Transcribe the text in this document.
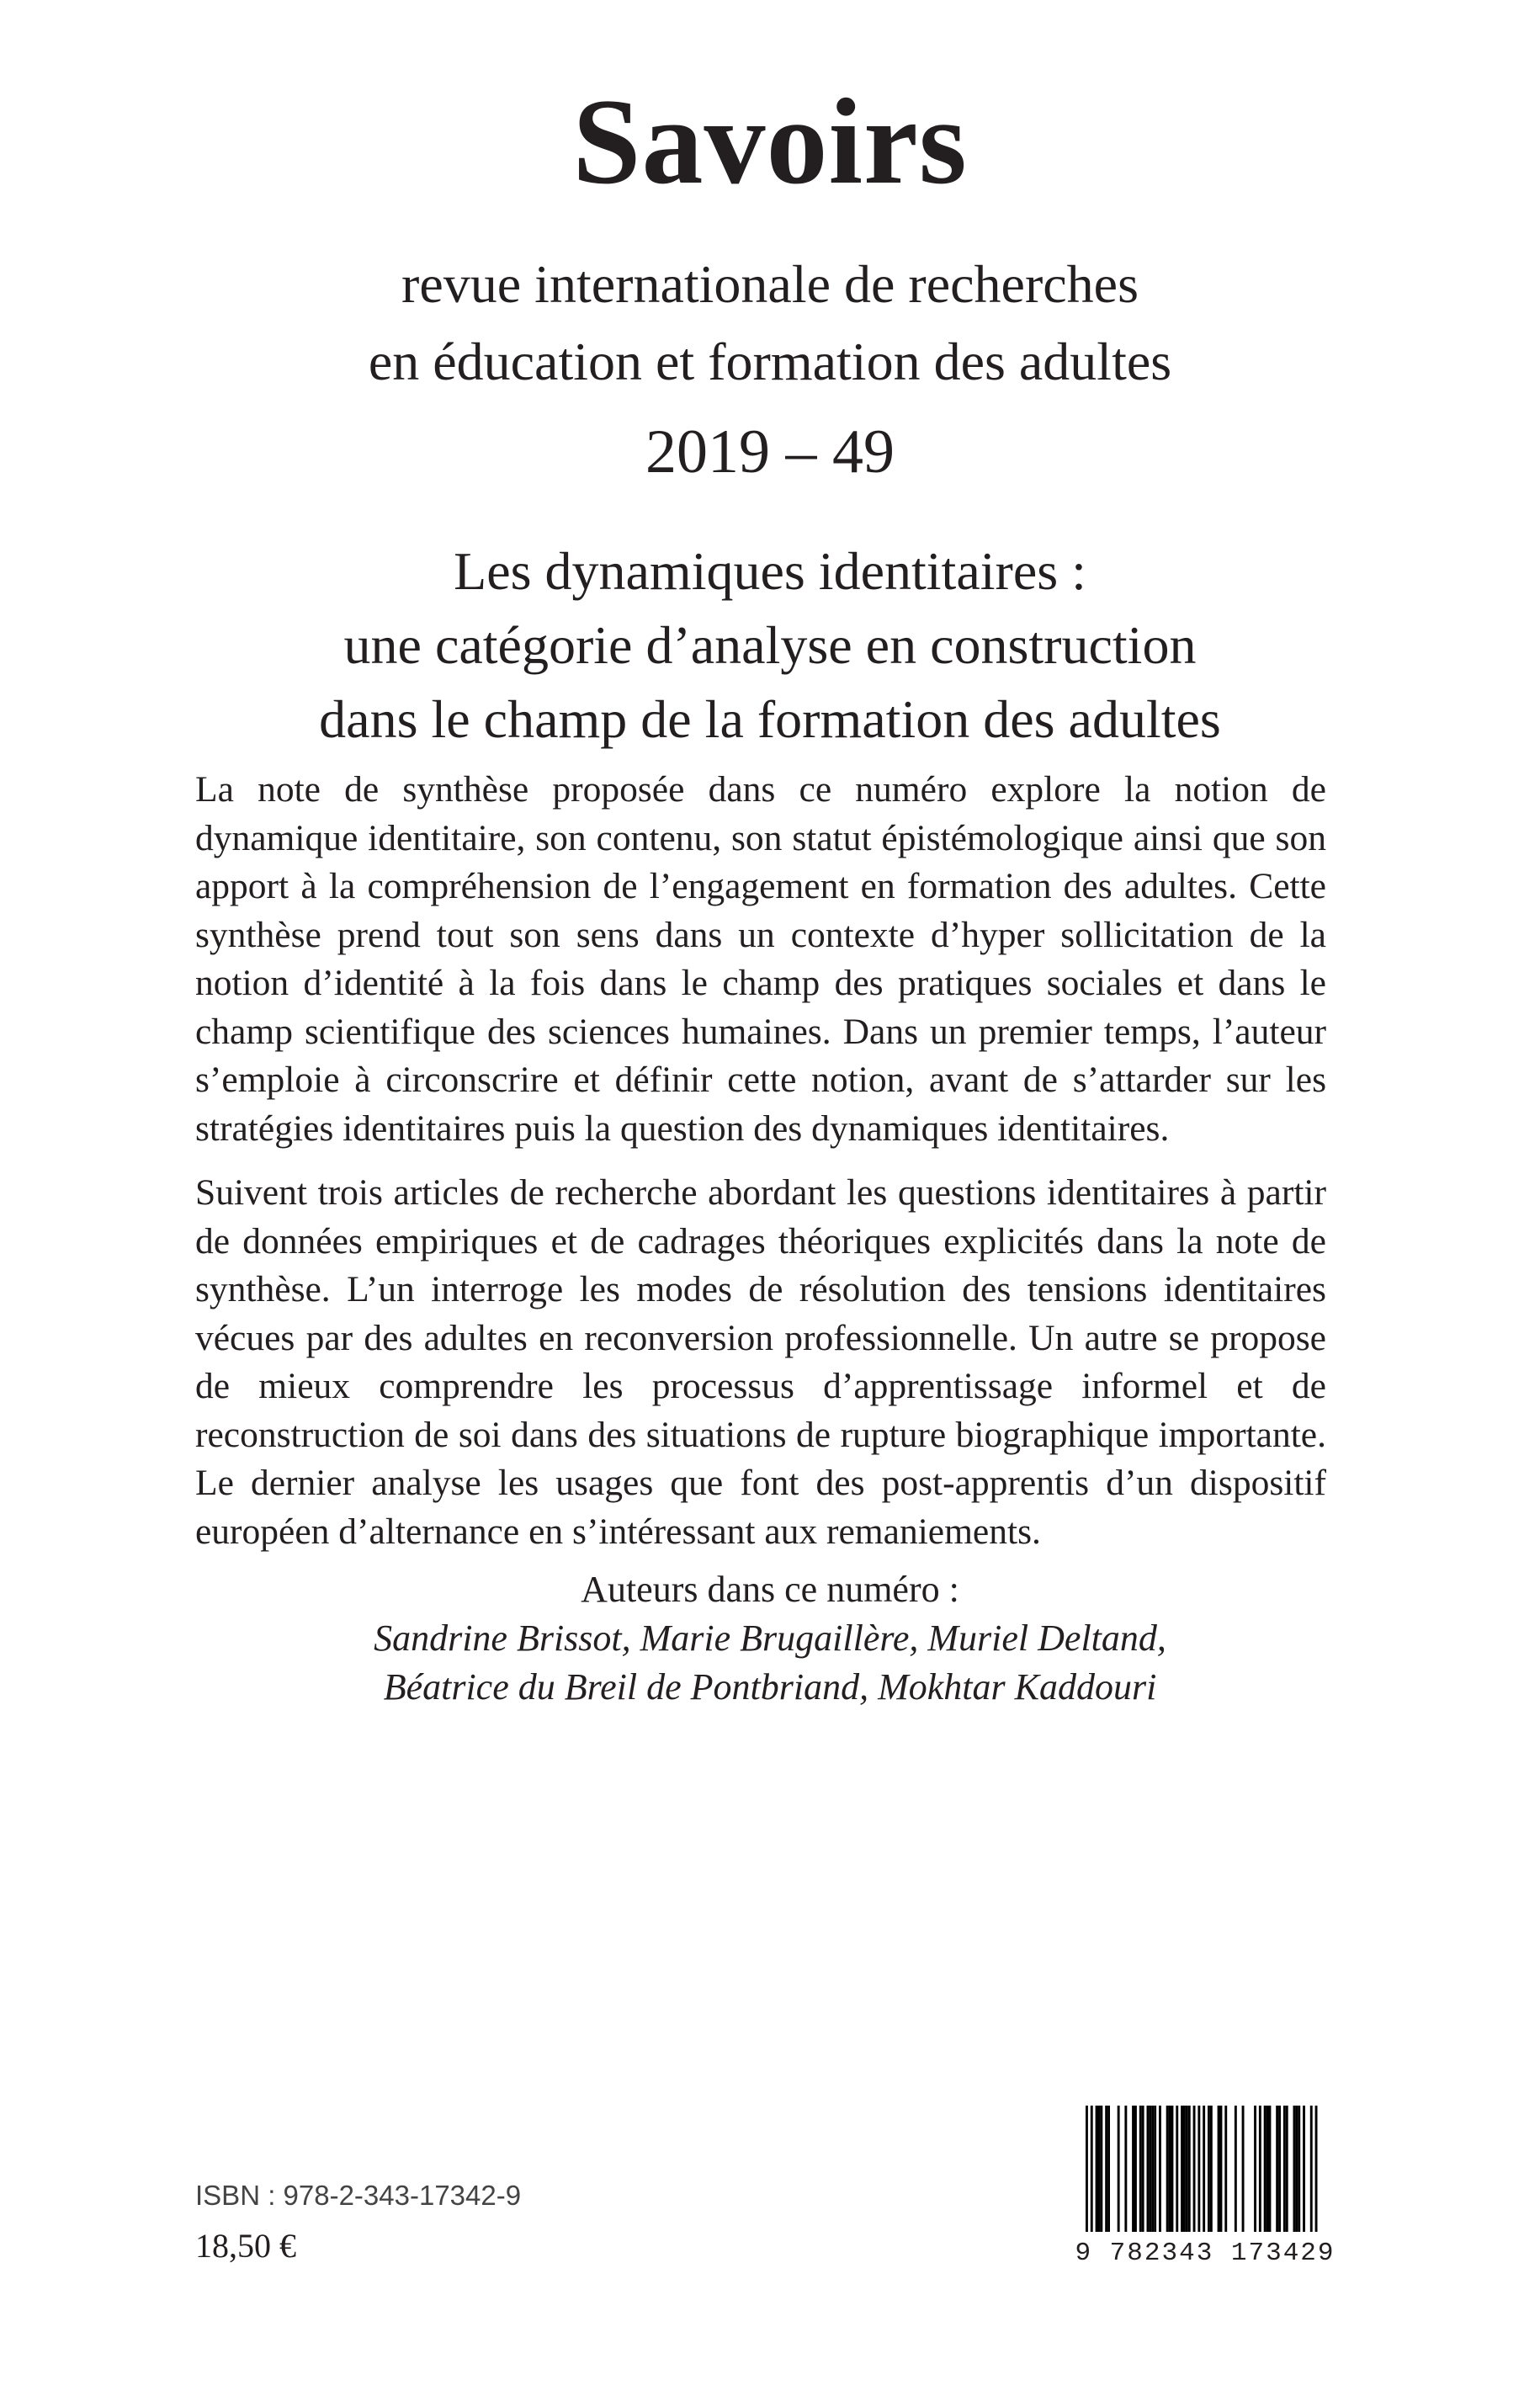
Savoirs
revue internationale de recherches
en éducation et formation des adultes
2019 – 49
Les dynamiques identitaires :
une catégorie d’analyse en construction
dans le champ de la formation des adultes

La note de synthèse proposée dans ce numéro explore la notion de dynamique identitaire, son contenu, son statut épistémologique ainsi que son apport à la compréhension de l’engagement en formation des adultes. Cette synthèse prend tout son sens dans un contexte d’hyper sollicitation de la notion d’identité à la fois dans le champ des pratiques sociales et dans le champ scientifique des sciences humaines. Dans un premier temps, l’auteur s’emploie à circonscrire et définir cette notion, avant de s’attarder sur les stratégies identitaires puis la question des dynamiques identitaires.

Suivent trois articles de recherche abordant les questions identitaires à partir de données empiriques et de cadrages théoriques explicités dans la note de synthèse. L’un interroge les modes de résolution des tensions identitaires vécues par des adultes en reconversion professionnelle. Un autre se propose de mieux comprendre les processus d’apprentissage informel et de reconstruction de soi dans des situations de rupture biographique importante. Le dernier analyse les usages que font des post-apprentis d’un dispositif européen d’alternance en s’intéressant aux remaniements.

Auteurs dans ce numéro :
Sandrine Brissot, Marie Brugaillère, Muriel Deltand,
Béatrice du Breil de Pontbriand, Mokhtar Kaddouri
ISBN : 978-2-343-17342-9
18,50 €	9 782343 173429
